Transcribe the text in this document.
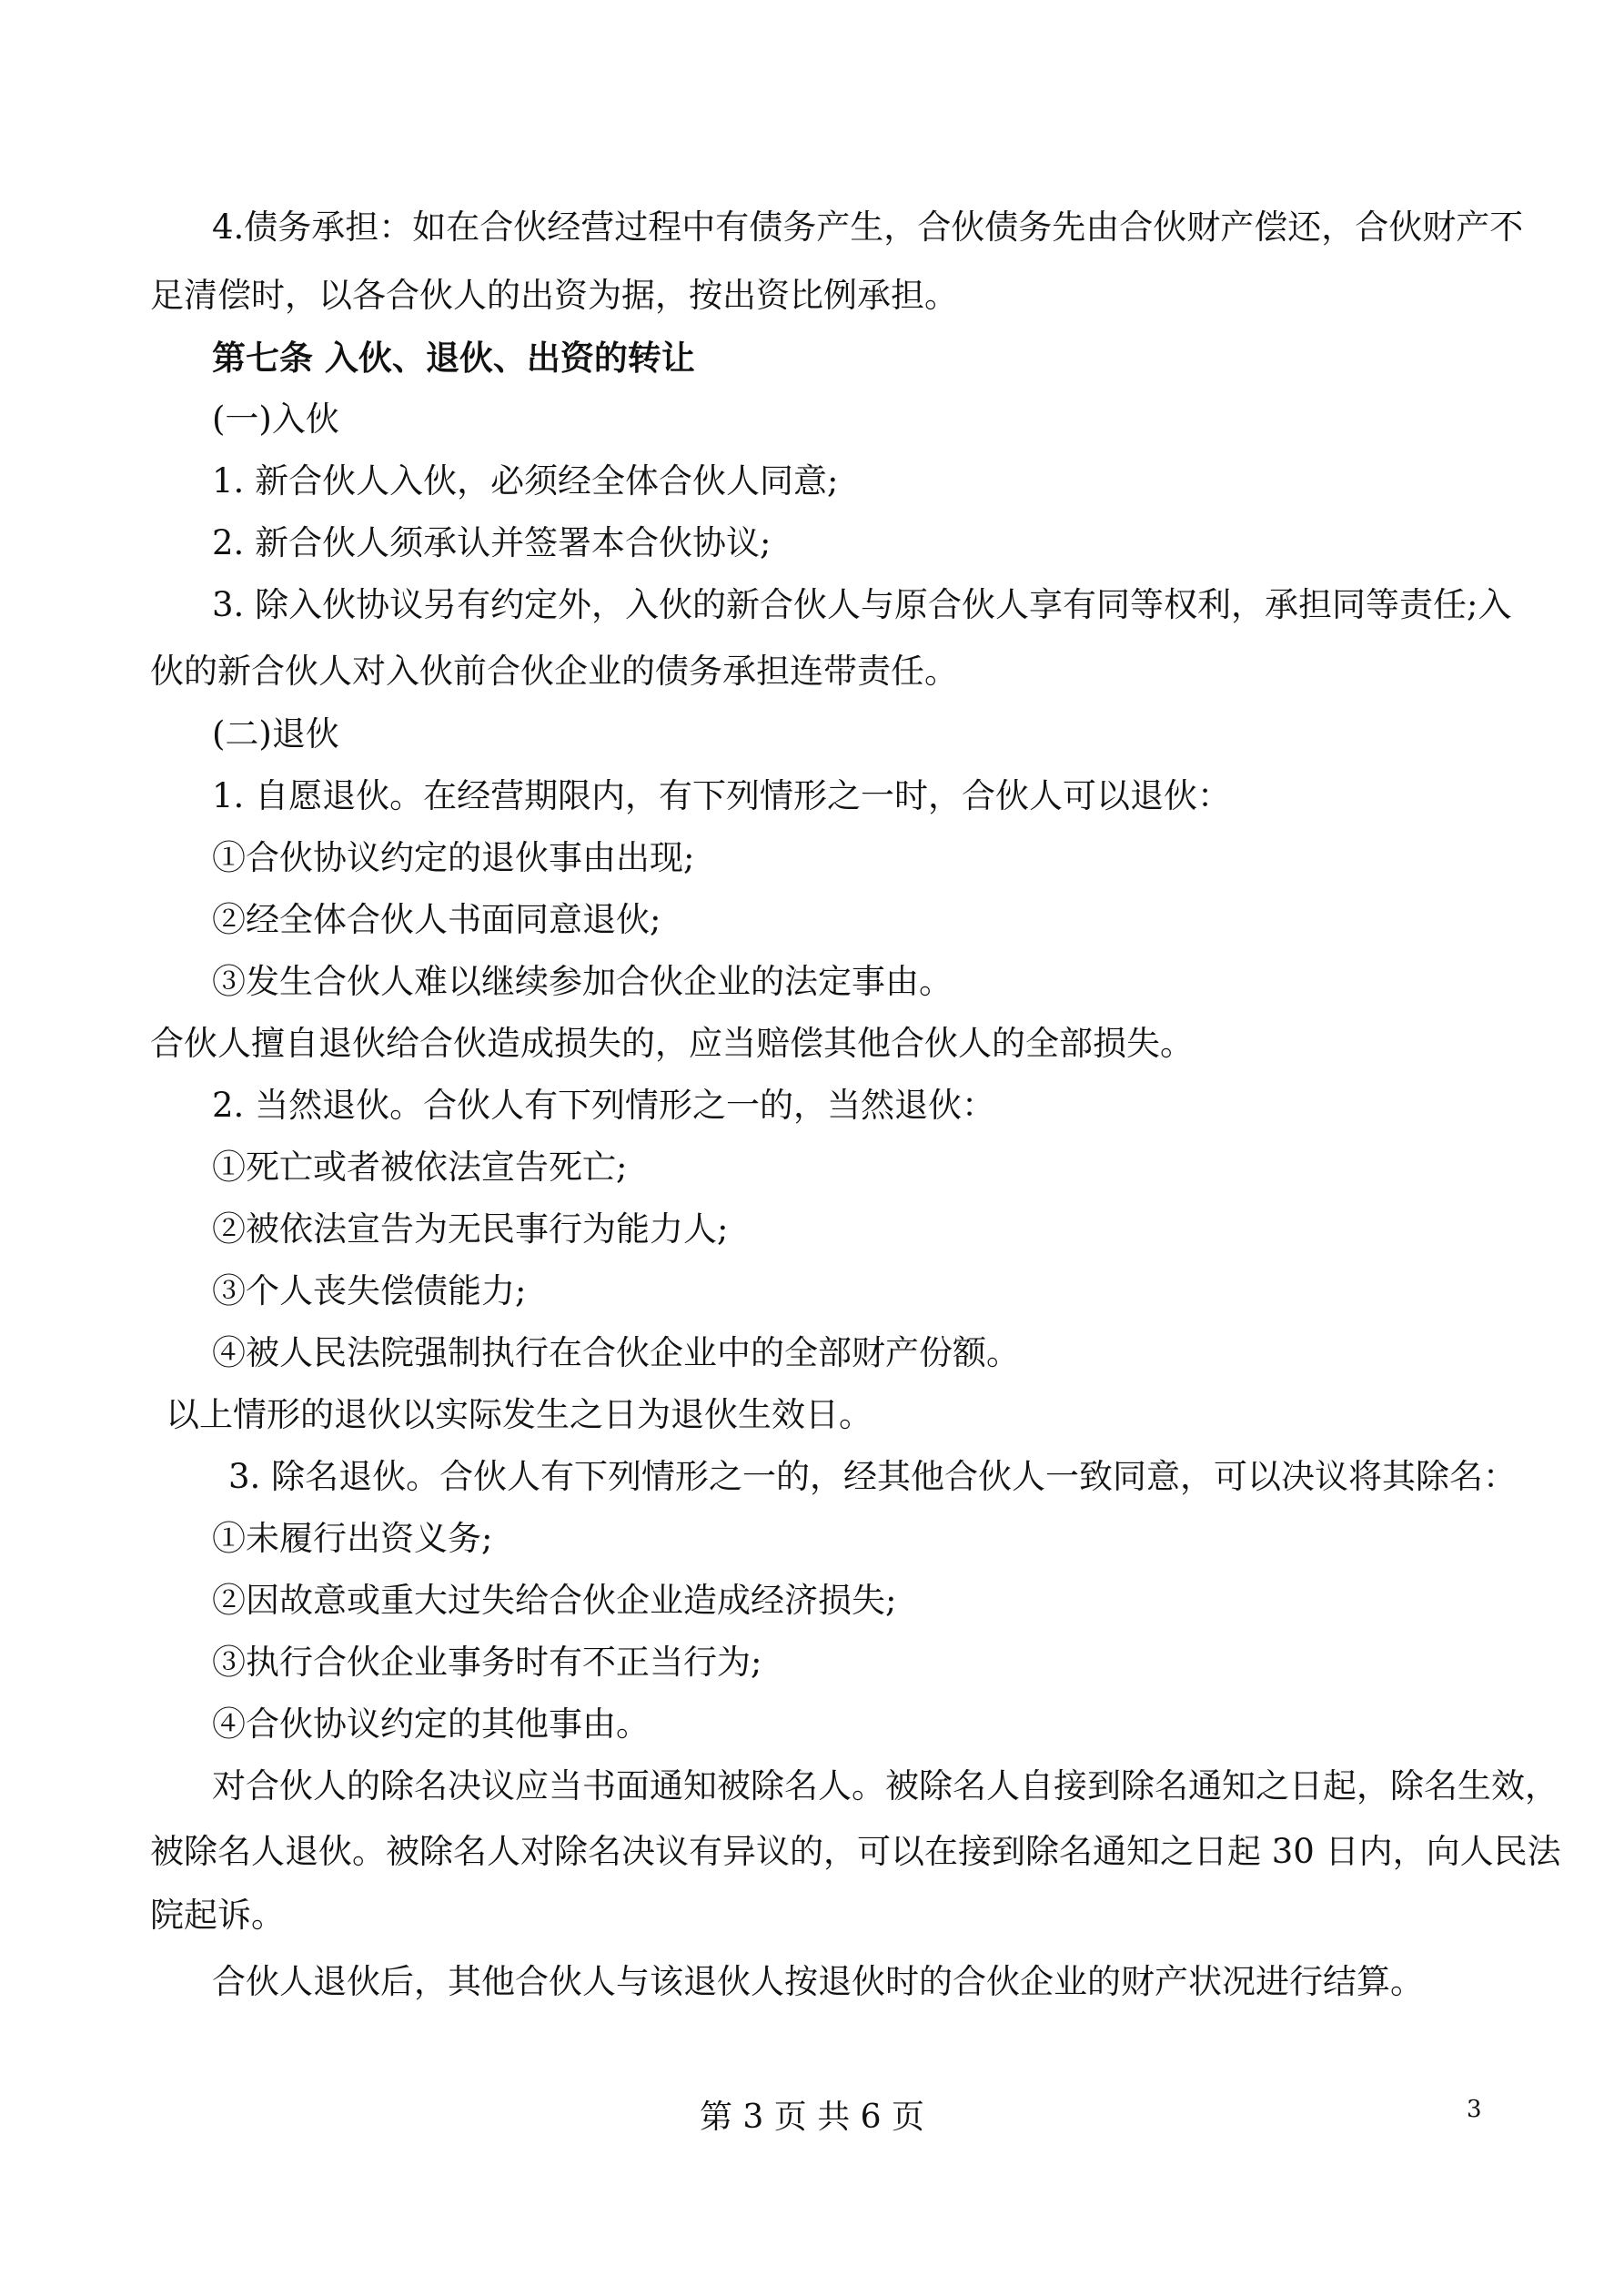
4.债务承担：如在合伙经营过程中有债务产生，合伙债务先由合伙财产偿还，合伙财产不

足清偿时，以各合伙人的出资为据，按出资比例承担。

第七条 入伙、退伙、出资的转让

(一)入伙

1. 新合伙人入伙，必须经全体合伙人同意;

2. 新合伙人须承认并签署本合伙协议;

3. 除入伙协议另有约定外，入伙的新合伙人与原合伙人享有同等权利，承担同等责任;入

伙的新合伙人对入伙前合伙企业的债务承担连带责任。

(二)退伙

1. 自愿退伙。在经营期限内，有下列情形之一时，合伙人可以退伙：

①合伙协议约定的退伙事由出现;

②经全体合伙人书面同意退伙;

③发生合伙人难以继续参加合伙企业的法定事由。

合伙人擅自退伙给合伙造成损失的，应当赔偿其他合伙人的全部损失。

2. 当然退伙。合伙人有下列情形之一的，当然退伙：

①死亡或者被依法宣告死亡;

②被依法宣告为无民事行为能力人;

③个人丧失偿债能力;

④被人民法院强制执行在合伙企业中的全部财产份额。

以上情形的退伙以实际发生之日为退伙生效日。

3. 除名退伙。合伙人有下列情形之一的，经其他合伙人一致同意，可以决议将其除名：

①未履行出资义务;

②因故意或重大过失给合伙企业造成经济损失;

③执行合伙企业事务时有不正当行为;

④合伙协议约定的其他事由。

对合伙人的除名决议应当书面通知被除名人。被除名人自接到除名通知之日起，除名生效，

被除名人退伙。被除名人对除名决议有异议的，可以在接到除名通知之日起 30 日内，向人民法

院起诉。

合伙人退伙后，其他合伙人与该退伙人按退伙时的合伙企业的财产状况进行结算。

第 3 页 共 6 页	3
